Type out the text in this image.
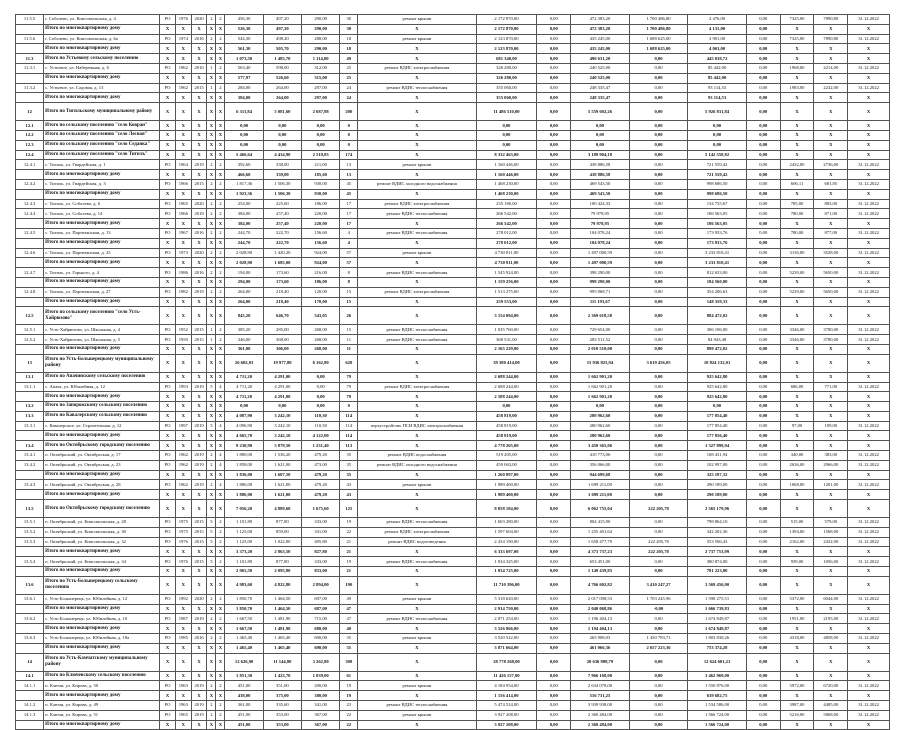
11.5.5	г. Соболево, ул. Комсомольская, д. 4	РО	1976	2020	2	2	456,30	497,20	290,00	30	ремонт крыши	2 172 870,00	0,00	472 383,20	1 700 486,80	2 476,00	0,00	7325,00	7890,80	31.12.2022
	Итого по многоквартирному дому	X	X	X	X	X	526,30	497,20	290,00	30	X	2 172 870,00	0,00	472 383,20	1 700 486,80	4 131,00	0,00	X	X	X
11.5.6	г. Соболево, ул. Комсомольская, д. 6а	РО	1974	2016	2	2	544,30	498,20	288,00	18	ремонт крыши	2 123 870,00	0,00	435 245,00	1 688 625,00	3 901,00	0,00	7325,00	7890,80	31.12.2022
	Итого по многоквартирному дому	X	X	X	X	X	561,30	505,70	290,00	18	X	2 123 870,00	0,00	435 245,00	1 688 625,00	4 063,00	0,00	X	X	X
11.3	Итого по Устьевому сельскому поселению	X	X	X	X	X	1 073,50	1 485,70	1 114,00	49	X	681 340,00	0,00	496 631,20	0,00	445 038,72	0,00	X	X	X
11.3.1	с. Устьевое, ул. Набережная, д. 6	РО	1962	2010	1	2	563,40	598,00	312,00	25	ремонт ВДИС электроснабжения	326 280,00	0,00	240 525,00	0,00	85 442,00	0,00	1968,00	2214,00	31.12.2022
	Итого по многоквартирному дому	X	X	X	X	X	577,97	526,60	315,00	25	X	326 280,00	0,00	240 525,00	0,00	85 442,00	0,00	X	X	X
11.3.2	с. Устьевое, ул. Садовая, д. 13	РО	1962	2015	1	2	284,00	264,00	297,00	24	ремонт ВДИС теплоснабжения	355 060,00	0,00	248 335,47	0,00	93 114,53	0,00	1983,00	2232,00	31.12.2022
	Итого по многоквартирному дому	X	X	X	X	X	384,00	264,00	297,00	24	X	355 060,00	0,00	248 335,47	0,00	93 114,53	0,00	X	X	X
12	Итого по Тигильскому муниципальному району	X	X	X	X	X	6 311,84	5 081,60	2 687,88	200	X	11 486 510,00	0,00	5 559 602,26	0,00	5 926 831,84	0,00	X	X	X
12.1	Итого по сельскому поселению "село Ковран"	X	X	X	X	X	0,00	0,00	0,00	0	X	0,00	0,00	0,00	0,00	0,00	0,00	X	X	X
12.2	Итого по сельскому поселению "село Лесная"	X	X	X	X	X	0,00	0,00	0,00	0	X	0,00	0,00	0,00	0,00	0,00	0,00	X	X	X
12.3	Итого по сельскому поселению "село Седанка"	X	X	X	X	X	0,00	0,00	0,00	0	X	0,00	0,00	0,00	0,00	0,00	0,00	X	X	X
12.4	Итого по сельскому поселению "село Тигиль"	X	X	X	X	X	5 466,64	4 434,90	2 510,83	174	X	8 332 463,00	0,00	3 189 904,18	0,00	5 142 558,82	0,00	X	X	X
12.4.1	с. Тигиль, ул. Гвардейская, д. 1	РО	1964	2019	2	2	392,60	338,00	211,00	13	ремонт крыши	1 160 446,00	0,00	438 886,58	0,00	721 559,42	0,00	2432,00	2736,00	31.12.2022
	Итого по многоквартирному дому	X	X	X	X	X	466,60	339,00	185,60	13	X	1 160 446,00	0,00	438 886,58	0,00	721 559,42	0,00	X	X	X
12.4.2	с. Тигиль, ул. Гвардейская, д. 3	РО	1966	2015	2	2	1 817,36	1 506,30	930,00	45	ремонт ВДИС холодного водоснабжения	1 468 230,00	0,00	469 543,50	0,00	998 686,50	0,00	606,11	681,85	31.12.2022
	Итого по многоквартирному дому	X	X	X	X	X	1 923,36	1 506,30	930,00	45	X	1 468 230,00	0,00	469 543,50	0,00	998 686,50	0,00	X	X	X
12.4.3	с. Тигиль, ул. Соболева, д. 6	РО	1965	2020	2	2	254,00	225,60	186,00	17	ремонт ВДИС электроснабжения	235 180,00	0,00	100 424,33	0,00	134 755,67	0,00	785,00	883,00	31.12.2022
12.4.4	с. Тигиль, ул. Соболева, д. 14	РО	1966	2018	2	2	384,00	257,40	220,00	17	ремонт ВДИС теплоснабжения	266 542,00	0,00	79 978,95	0,00	186 563,05	0,00	780,00	871,00	31.12.2022
	Итого по многоквартирному дому	X	X	X	X	X	384,00	257,40	220,00	17	X	266 542,00	0,00	79 978,95	0,00	186 563,05	0,00	X	X	X
12.4.5	с. Тигиль, ул. Партизанская, д. 13	РО	1967	2016	2	2	244,70	222,70	156,60	4	ремонт ВДИС теплоснабжения	278 012,00	0,00	104 078,24	0,00	173 933,76	0,00	780,00	877,00	31.12.2022
	Итого по многоквартирному дому	X	X	X	X	X	244,70	222,70	156,60	4	X	278 012,00	0,00	104 078,24	0,00	173 933,76	0,00	X	X	X
12.4.6	с. Тигиль, ул. Партизанская, д. 25	РО	1973	2020	2	2	2 028,90	1 420,20	924,00	57	ремонт крыши	4 730 811,00	0,00	1 497 000,59	0,00	3 233 810,41	0,00	3136,00	3528,00	31.12.2022
	Итого по многоквартирному дому	X	X	X	X	X	2 028,90	1 685,00	924,00	57	X	4 730 811,00	0,00	1 497 000,59	0,00	3 233 810,41	0,00	X	X	X
12.4.7	с. Тигиль, ул. Горького, д. 4	РО	1986	2016	2	2	194,00	173,60	216,00	8	ремонт ВДИС теплоснабжения	1 545 924,00	0,00	398 290,00	0,00	812 633,00	0,00	5239,00	5650,00	31.12.2022
	Итого по многоквартирному дому	X	X	X	X	X	294,00	173,60	186,00	8	X	1 159 256,00	0,00	998 290,00	0,00	184 560,00	0,00	X	X	X
12.4.8	с. Тигиль, ул. Партизанская, д. 27	РО	1982	2019	2	2	264,00	218,40	120,00	15	ремонт ВДИС электроснабжения	1 513 275,00	0,00	995 068,71	0,00	354 206,63	0,00	5239,00	5650,00	31.12.2022
	Итого по многоквартирному дому	X	X	X	X	X	264,00	218,40	170,00	15	X	259 553,00	0,00	111 193,67	0,00	148 359,33	0,00	X	X	X
12.5	Итого по сельскому поселению "село Усть-Хайрюзово"	X	X	X	X	X	845,20	646,70	543,05	26	X	3 154 094,00	0,00	2 369 618,58	0,00	884 472,02	0,00	X	X	X
12.5.1	с. Усть-Хайрюзово, ул. Школьная, д. 4	РО	1952	2015	1	2	385,20	285,00	268,00	15	ремонт ВДИС теплоснабжения	1 035 760,00	0,00	729 654,00	0,00	306 106,00	0,00	3346,00	3780,00	31.12.2022
12.5.2	с. Усть-Хайрюзово, ул. Школьная, д. 5	РО	1950	2015	1	2	346,00	368,00	268,00	11	ремонт ВДИС теплоснабжения	368 531,00	0,00	283 511,52	0,00	84 943,48	0,00	3346,00	3780,00	31.12.2022
	Итого по многоквартирному дому	X	X	X	X	X	361,00	306,00	268,00	11	X	2 165 229,00	0,00	2 010 510,00	0,00	899 472,02	0,00	X	X	X
13	Итого по Усть-Большерецкому муниципальному району	X	X	X	X	X	26 602,03	19 977,80	6 162,80	620	X	39 380 414,00	0,00	15 936 825,94	3 619 456,05	10 824 132,01	0,00	X	X	X
13.1	Итого по Апачинскому сельскому поселению	X	X	X	X	X	4 711,20	4 291,00	0,00	79	X	2 688 244,00	0,00	1 662 901,20	0,00	925 642,80	0,00	X	X	X
13.1.1	с. Апача, ул. Юбилейная, д. 12	РО	1993	2019	5	4	4 711,20	4 291,00	0,00	79	ремонт ВДИС электроснабжения	2 688 244,00	0,00	1 662 901,20	0,00	925 642,80	0,00	686,00	771,00	31.12.2022
	Итого по многоквартирному дому	X	X	X	X	X	4 711,20	4 291,00	0,00	79	X	2 588 244,00	0,00	1 662 901,20	0,00	925 642,80	0,00	X	X	X
13.2	Итого по Запорожскому сельскому поселению	X	X	X	X	X	0,00	0,00	0,00	0	X	0,00	0,00	0,00	0,00	0,00	0,00	X	X	X
13.3	Итого по Кавалерскому сельскому поселению	X	X	X	X	X	4 087,90	3 242,10	110,30	114	X	458 819,00	0,00	280 962,60	0,00	177 854,40	0,00	X	X	X
13.3.1	с. Кавалерское, ул. Строительная, д. 12	РО	1997	2019	5	4	4 096,90	3 242,10	110,30	114	переустройство ПСИ ВДИС электроснабжения	458 819,00	0,00	280 962,60	0,00	177 854,40	0,00	97,00	109,00	31.12.2022
	Итого по многоквартирному дому	X	X	X	X	X	4 665,70	3 242,10	4 122,00	114	X	458 819,00	0,00	280 962,60	0,00	177 856,40	0,00	X	X	X
13.4	Итого по Октябрьскому городскому поселению	X	X	X	X	X	9 230,90	5 879,50	1 231,40	113	X	4 778 265,00	0,00	3 450 365,06	0,00	1 327 899,94	0,00	X	X	X
13.4.1	п. Октябрьский, ул. Октябрьская, д. 17	РО	1962	2019	2	4	1 880,00	1 536,20	479,20	35	ремонт ВДИС водоснабжения	519 205,00	0,00	410 773,06	0,00	108 431,94	0,00	340,00	383,00	31.12.2022
13.4.2	п. Октябрьский, ул. Октябрьская, д. 23	РО	1962	2019	2	4	1 858,00	1 621,00	473,00	35	ремонт ВДИС холодного водоснабжения	459 063,00	0,00	356 066,00	0,00	102 997,00	0,00	2636,00	2966,00	31.12.2022
	Итого по многоквартирному дому	X	X	X	X	X	1 836,00	1 607,50	479,20	35	X	1 260 897,00	0,00	944 699,68	0,00	325 187,32	0,00	X	X	X
13.4.3	п. Октябрьский, ул. Октябрьская, д. 28	РО	1962	2019	2	4	1 886,00	1 621,00	479,20	43	ремонт крыши	1 989 400,00	0,00	1 699 211,00	0,00	290 189,00	0,00	1068,00	1201,00	31.12.2022
	Итого по многоквартирному дому	X	X	X	X	X	1 886,00	1 621,00	479,20	43	X	1 989 400,00	0,00	1 699 211,00	0,00	290 189,00	0,00	X	X	X
13.5	Итого по Октябрьскому городскому поселению	X	X	X	X	X	7 056,20	4 889,60	1 675,60	125	X	8 858 184,00	0,00	6 062 755,04	222 205,78	2 565 179,96	0,00	X	X	X
13.5.1	п. Октябрьский, ул. Комсомольская, д. 28	РО	1975	2015	5	2	1 101,80	877,80	333,00	19	ремонт ВДИС теплоснабжения	1 603 280,00	0,00	804 415,90	0,00	798 864,10	0,00	515,00	579,00	31.12.2022
13.5.2	п. Октябрьский, ул. Комсомольская, д. 30	РО	1975	2015	5	2	1 125,00	859,00	331,00	22	ремонт ВДИС электроснабжения	1 597 604,00	0,00	1 255 401,64	0,00	342 202,36	0,00	1394,00	1568,00	31.12.2022
13.5.3	п. Октябрьский, ул. Комсомольская, д. 32	РО	1976	2015	5	2	1 125,00	1 022,00	405,80	21	ремонт ВДИС водоотведения	2 434 190,00	0,00	1 658 477,79	222 205,78	553 506,43	0,00	2162,00	2432,00	31.12.2022
	Итого по многоквартирному дому	X	X	X	X	X	3 373,20	2 863,50	827,80	21	X	6 333 697,00	0,00	4 373 737,23	222 205,78	2 737 753,99	0,00	X	X	X
13.5.4	п. Октябрьский, ул. Комсомольская, д. 34	РО	1976	2015	5	2	1 101,80	877,80	333,00	19	ремонт ВДИС теплоснабжения	1 034 325,00	0,00	653 451,00	0,00	380 874,00	0,00	939,00	1056,00	31.12.2022
	Итого по многоквартирному дому	X	X	X	X	X	2 965,50	2 095,80	833,00	21	X	1 034 725,00	0,00	1 149 439,85	0,00	781 223,80	0,00	X	X	X
13.6	Итого по Усть-Большерецкому сельскому поселению	X	X	X	X	X	4 983,60	4 822,80	2 894,00	190	X	11 710 396,00	0,00	4 766 602,82	3 410 247,27	3 569 456,00	0,00	X	X	X
13.6.1	с. Усть-Большерецк, ул. Юбилейная, д. 12	РО	1992	2020	2	2	1 850,70	1 464,50	697,00	49	ремонт крыши	5 318 620,00	0,00	2 017 098,53	1 703 245,96	1 598 275,51	0,00	5372,00	6044,00	31.12.2022
	Итого по многоквартирному дому	X	X	X	X	X	1 850,70	1 464,50	687,00	47	X	2 914 750,00	0,00	2 040 068,86	-0,00	1 666 739,83	0,00	X	X	X
13.6.2	с. Усть-Большерецк, ул. Юбилейная, д. 10	РО	1987	2019	2	2	1 667,50	1 481,90	715,00	47	ремонт ВДИС теплоснабжения	2 871 254,00	0,00	1 196 404,13	0,00	1 674 849,87	0,00	1951,00	2195,00	31.12.2022
	Итого по многоквартирному дому	X	X	X	X	X	1 667,50	1 481,90	680,00	40	X	3 526 866,00	0,00	1 194 404,13	0,00	1 674 849,87	0,00	X	X	X
13.6.3	с. Усть-Большерецк, ул. Юбилейная, д. 18а	РО	1985	2016	2	2	1 465,40	1 465,40	690,00	35	ремонт крыши	3 520 522,00	0,00	265 908,03	1 450 783,71	1 803 830,26	0,00	4318,00	4858,00	31.12.2022
	Итого по многоквартирному дому	X	X	X	X	X	1 465,40	1 465,40	690,00	35	X	3 871 664,00	0,00	461 066,36	2 657 223,36	753 374,28	0,00	X	X	X
14	Итого по Усть-Камчатскому муниципальному району	X	X	X	X	X	12 626,90	11 144,80	3 262,80	308	X	28 778 268,00	0,00	20 636 988,79	0,00	12 624 601,21	0,00	X	X	X
14.1	Итого по Ключевскому сельскому поселению	X	X	X	X	X	1 851,30	1 423,70	1 039,00	61	X	11 426 157,00	0,00	7 966 168,00	0,00	3 462 969,00	0,00	X	X	X
14.1.1	п. Ключи, ул. Кирова, д. 50	РО	1963	2019	2	2	451,00	351,00	200,00	19	ремонт крыши	4 184 954,00	0,00	2 634 078,00	0,00	1 550 876,00	0,00	5972,00	6720,00	31.12.2022
	Итого по многоквартирному дому	X	X	X	X	X	438,00	375,00	380,00	19	X	1 156 414,00	0,00	516 731,25	0,00	639 682,75	0,00	X	X	X
14.1.2	п. Ключи, ул. Кирова, д. 49	РО	1963	2019	2	2	361,00	335,60	341,00	23	ремонт ВДИС теплоснабжения	5 474 524,00	0,00	3 939 938,00	0,00	1 534 586,00	0,00	3987,00	4485,00	31.12.2022
14.1.3	п. Ключи, ул. Кирова, д. 51	РО	1965	2019	2	2	451,00	353,00	367,00	22	ремонт крыши	3 927 208,00	0,00	2 360 484,00	0,00	1 566 724,00	0,00	5216,00	5868,00	31.12.2022
	Итого по многоквартирному дому	X	X	X	X	X	451,00	353,00	367,00	22	X	3 927 208,00	0,00	2 360 484,00	0,00	1 566 724,00	0,00	X	X	X
